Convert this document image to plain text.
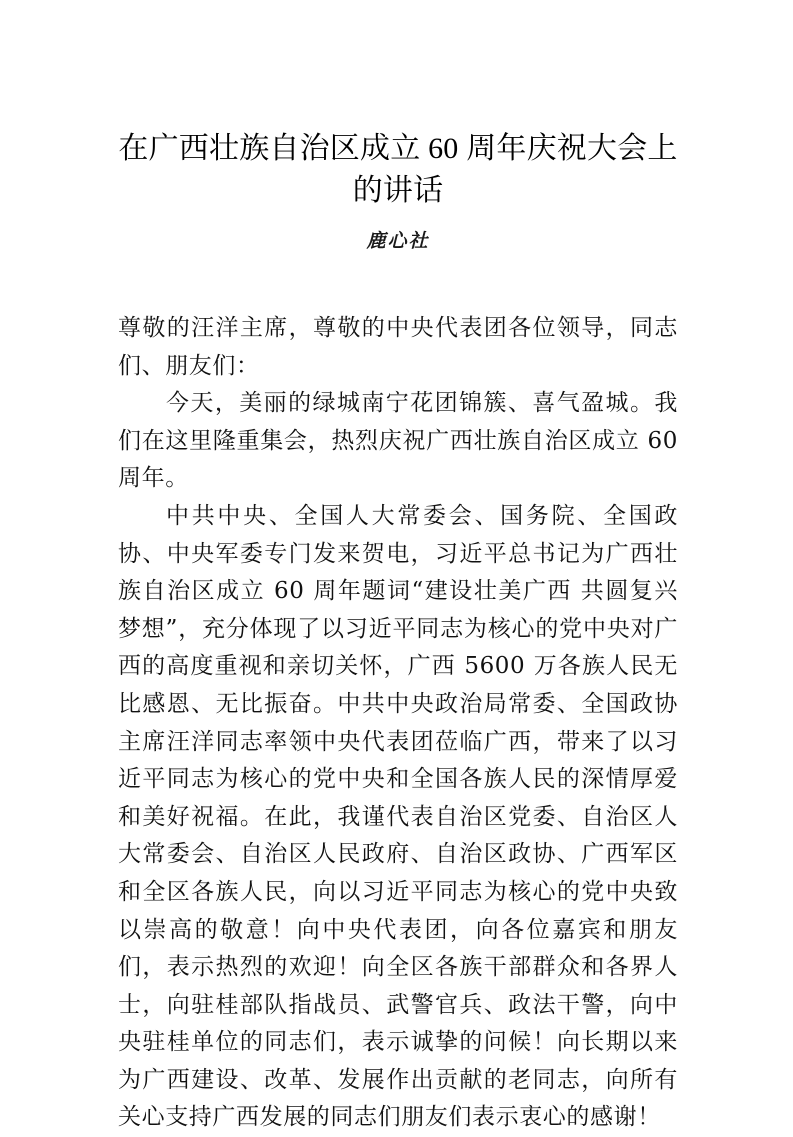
在广西壮族自治区成立 60 周年庆祝大会上的讲话

鹿心社

尊敬的汪洋主席，尊敬的中央代表团各位领导，同志们、朋友们：

今天，美丽的绿城南宁花团锦簇、喜气盈城。我们在这里隆重集会，热烈庆祝广西壮族自治区成立 60 周年。

中共中央、全国人大常委会、国务院、全国政协、中央军委专门发来贺电，习近平总书记为广西壮族自治区成立 60 周年题词“建设壮美广西 共圆复兴梦想”，充分体现了以习近平同志为核心的党中央对广西的高度重视和亲切关怀，广西 5600 万各族人民无比感恩、无比振奋。中共中央政治局常委、全国政协主席汪洋同志率领中央代表团莅临广西，带来了以习近平同志为核心的党中央和全国各族人民的深情厚爱和美好祝福。在此，我谨代表自治区党委、自治区人大常委会、自治区人民政府、自治区政协、广西军区和全区各族人民，向以习近平同志为核心的党中央致以崇高的敬意！向中央代表团，向各位嘉宾和朋友们，表示热烈的欢迎！向全区各族干部群众和各界人士，向驻桂部队指战员、武警官兵、政法干警，向中央驻桂单位的同志们，表示诚挚的问候！向长期以来为广西建设、改革、发展作出贡献的老同志，向所有关心支持广西发展的同志们朋友们表示衷心的感谢！
